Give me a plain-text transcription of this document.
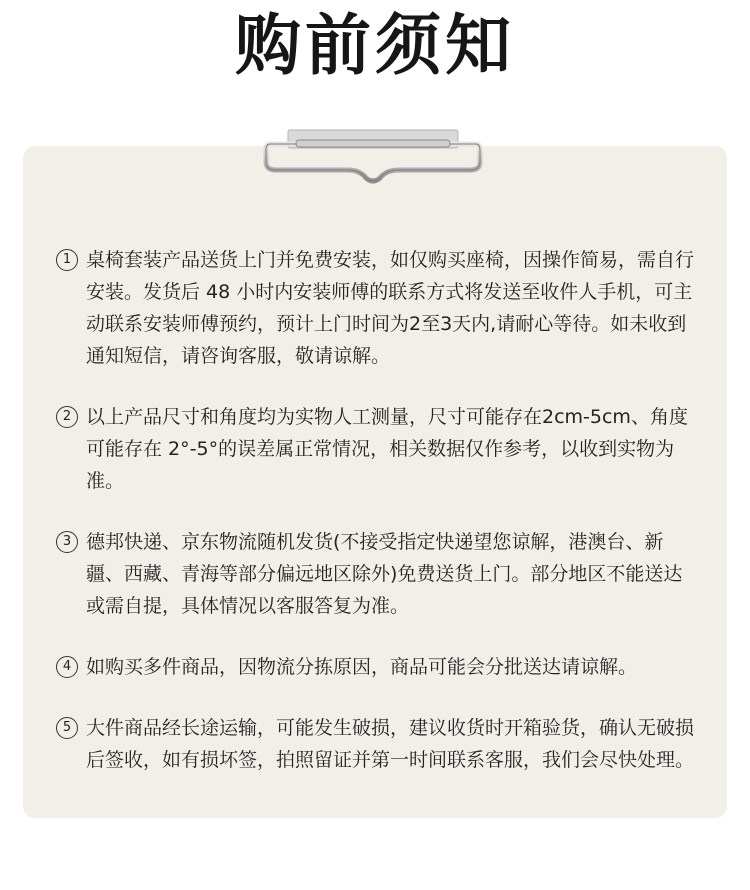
购前须知
1 桌椅套装产品送货上门并免费安装，如仅购买座椅，因操作简易，需自行安装。发货后 48 小时内安装师傅的联系方式将发送至收件人手机，可主动联系安装师傅预约，预计上门时间为2至3天内,请耐心等待。如未收到通知短信，请咨询客服，敬请谅解。
2 以上产品尺寸和角度均为实物人工测量，尺寸可能存在2cm-5cm、角度可能存在 2°-5°的误差属正常情况，相关数据仅作参考，以收到实物为准。
3 德邦快递、京东物流随机发货(不接受指定快递望您谅解，港澳台、新疆、西藏、青海等部分偏远地区除外)免费送货上门。部分地区不能送达或需自提，具体情况以客服答复为准。
4 如购买多件商品，因物流分拣原因，商品可能会分批送达请谅解。
5 大件商品经长途运输，可能发生破损，建议收货时开箱验货，确认无破损后签收，如有损坏签，拍照留证并第一时间联系客服，我们会尽快处理。
